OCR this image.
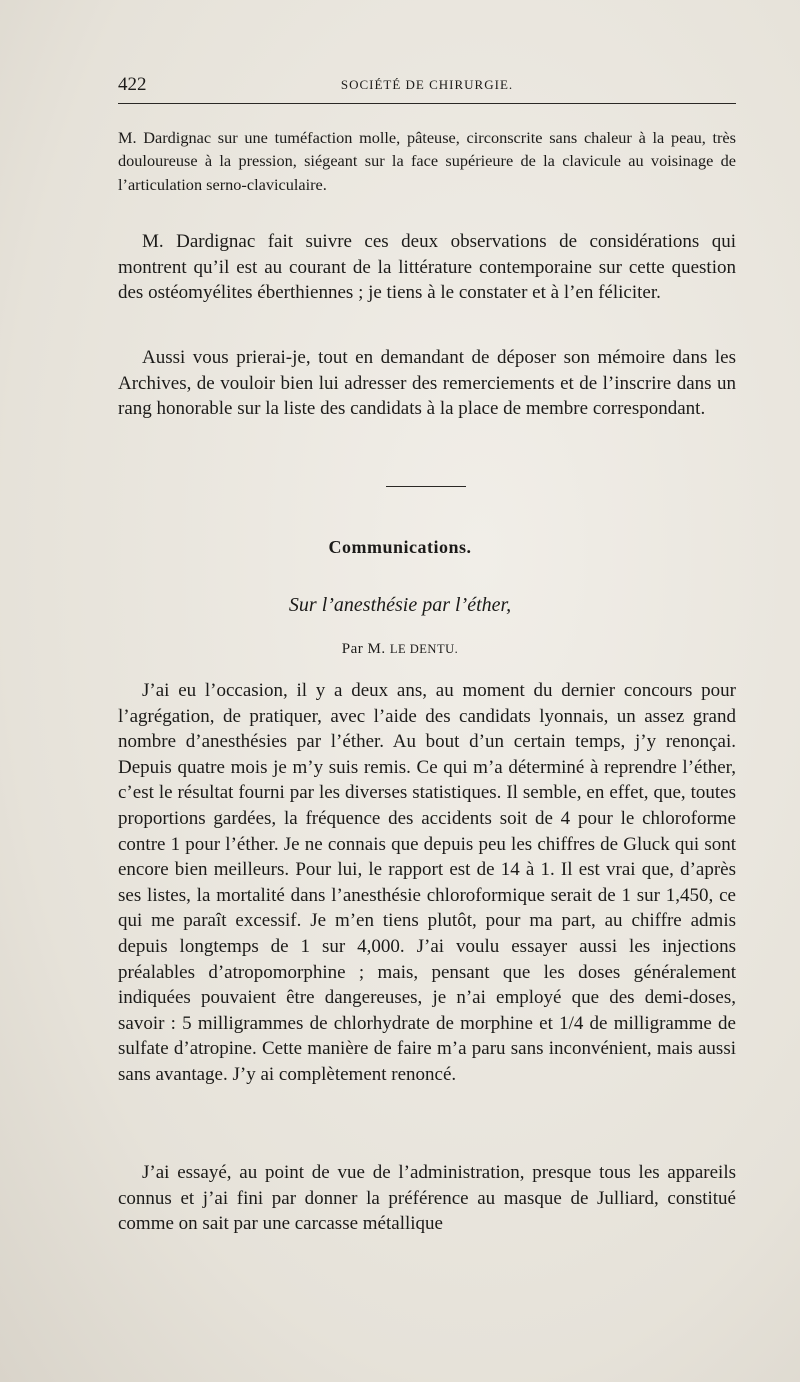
422	SOCIÉTÉ DE CHIRURGIE.

M. Dardignac sur une tuméfaction molle, pâteuse, circonscrite sans chaleur à la peau, très douloureuse à la pression, siégeant sur la face supérieure de la clavicule au voisinage de l’articulation serno-claviculaire.

M. Dardignac fait suivre ces deux observations de considérations qui montrent qu’il est au courant de la littérature contemporaine sur cette question des ostéomyélites éberthiennes ; je tiens à le constater et à l’en féliciter.

Aussi vous prierai-je, tout en demandant de déposer son mémoire dans les Archives, de vouloir bien lui adresser des remerciements et de l’inscrire dans un rang honorable sur la liste des candidats à la place de membre correspondant.

Communications.
Sur l’anesthésie par l’éther,
Par M. LE DENTU.

J’ai eu l’occasion, il y a deux ans, au moment du dernier concours pour l’agrégation, de pratiquer, avec l’aide des candidats lyonnais, un assez grand nombre d’anesthésies par l’éther. Au bout d’un certain temps, j’y renonçai. Depuis quatre mois je m’y suis remis. Ce qui m’a déterminé à reprendre l’éther, c’est le résultat fourni par les diverses statistiques. Il semble, en effet, que, toutes proportions gardées, la fréquence des accidents soit de 4 pour le chloroforme contre 1 pour l’éther. Je ne connais que depuis peu les chiffres de Gluck qui sont encore bien meilleurs. Pour lui, le rapport est de 14 à 1. Il est vrai que, d’après ses listes, la mortalité dans l’anesthésie chloroformique serait de 1 sur 1,450, ce qui me paraît excessif. Je m’en tiens plutôt, pour ma part, au chiffre admis depuis longtemps de 1 sur 4,000. J’ai voulu essayer aussi les injections préalables d’atropomorphine ; mais, pensant que les doses généralement indiquées pouvaient être dangereuses, je n’ai employé que des demi-doses, savoir : 5 milligrammes de chlorhydrate de morphine et 1/4 de milligramme de sulfate d’atropine. Cette manière de faire m’a paru sans inconvénient, mais aussi sans avantage. J’y ai complètement renoncé.

J’ai essayé, au point de vue de l’administration, presque tous les appareils connus et j’ai fini par donner la préférence au masque de Julliard, constitué comme on sait par une carcasse métallique
